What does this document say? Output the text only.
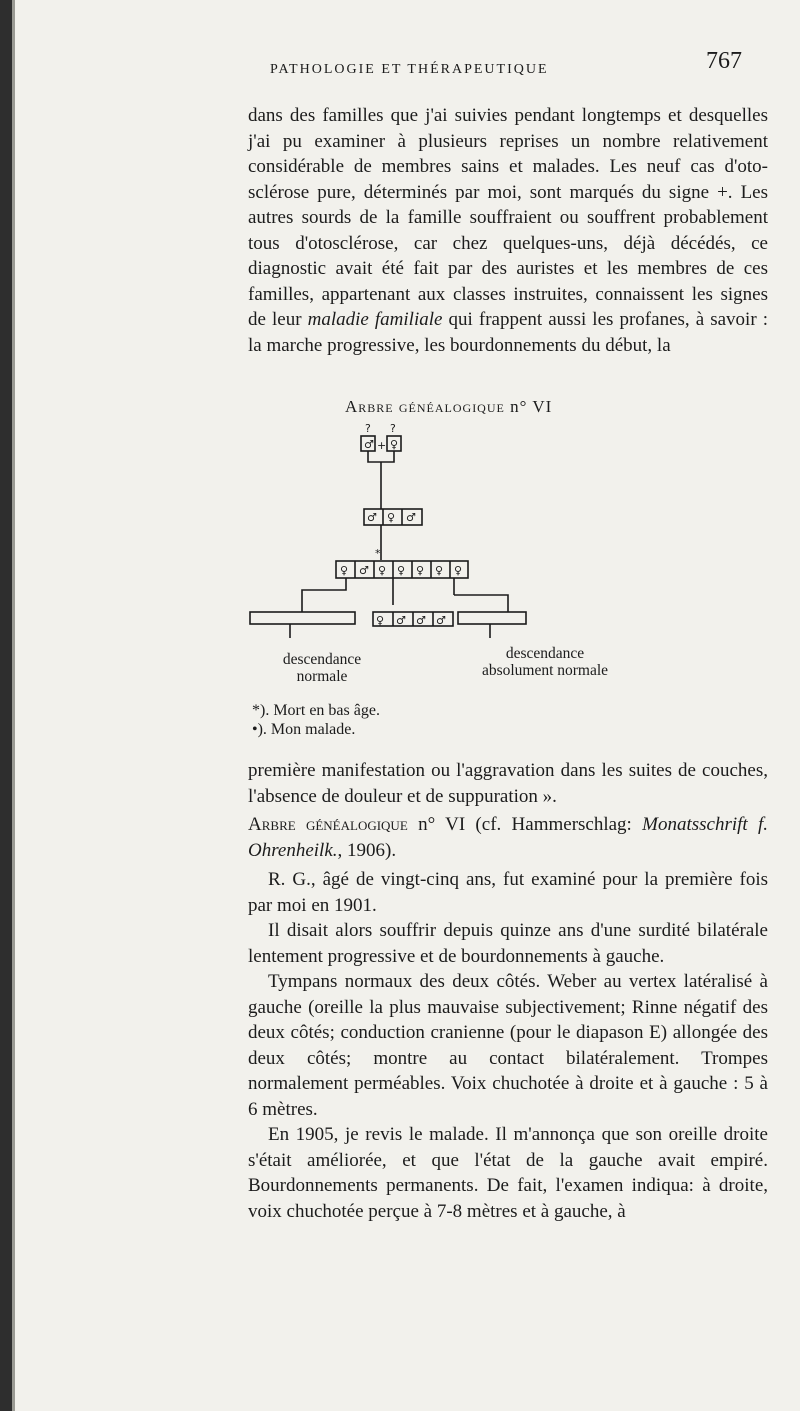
PATHOLOGIE ET THÉRAPEUTIQUE	767

dans des familles que j'ai suivies pendant longtemps et desquelles j'ai pu examiner à plusieurs reprises un nombre relativement considérable de membres sains et malades. Les neuf cas d'oto-sclérose pure, déterminés par moi, sont marqués du signe +. Les autres sourds de la famille souffraient ou souffrent probablement tous d'otosclérose, car chez quelques-uns, déjà décédés, ce diagnostic avait été fait par des auristes et les membres de ces familles, appartenant aux classes instruites, connaissent les signes de leur maladie familiale qui frappent aussi les profanes, à savoir : la marche progressive, les bourdonnements du début, la

Arbre généalogique n° VI
? ?
♂ + ♀
♂ ♀ ♂
*
♀ ♂ ♀ ♀ ♀ ♀ ♀
♀ ♂ ♂ ♂
descendance normale
descendance absolument normale
*). Mort en bas âge.
•). Mon malade.

première manifestation ou l'aggravation dans les suites de couches, l'absence de douleur et de suppuration ».

Arbre généalogique n° VI (cf. Hammerschlag: Monatsschrift f. Ohrenheilk., 1906).

R. G., âgé de vingt-cinq ans, fut examiné pour la première fois par moi en 1901.

Il disait alors souffrir depuis quinze ans d'une surdité bilatérale lentement progressive et de bourdonnements à gauche.

Tympans normaux des deux côtés. Weber au vertex latéralisé à gauche (oreille la plus mauvaise subjectivement; Rinne négatif des deux côtés; conduction cranienne (pour le diapason E) allongée des deux côtés; montre au contact bilatéralement. Trompes normalement perméables. Voix chuchotée à droite et à gauche : 5 à 6 mètres.

En 1905, je revis le malade. Il m'annonça que son oreille droite s'était améliorée, et que l'état de la gauche avait empiré. Bourdonnements permanents. De fait, l'examen indiqua: à droite, voix chuchotée perçue à 7-8 mètres et à gauche, à
